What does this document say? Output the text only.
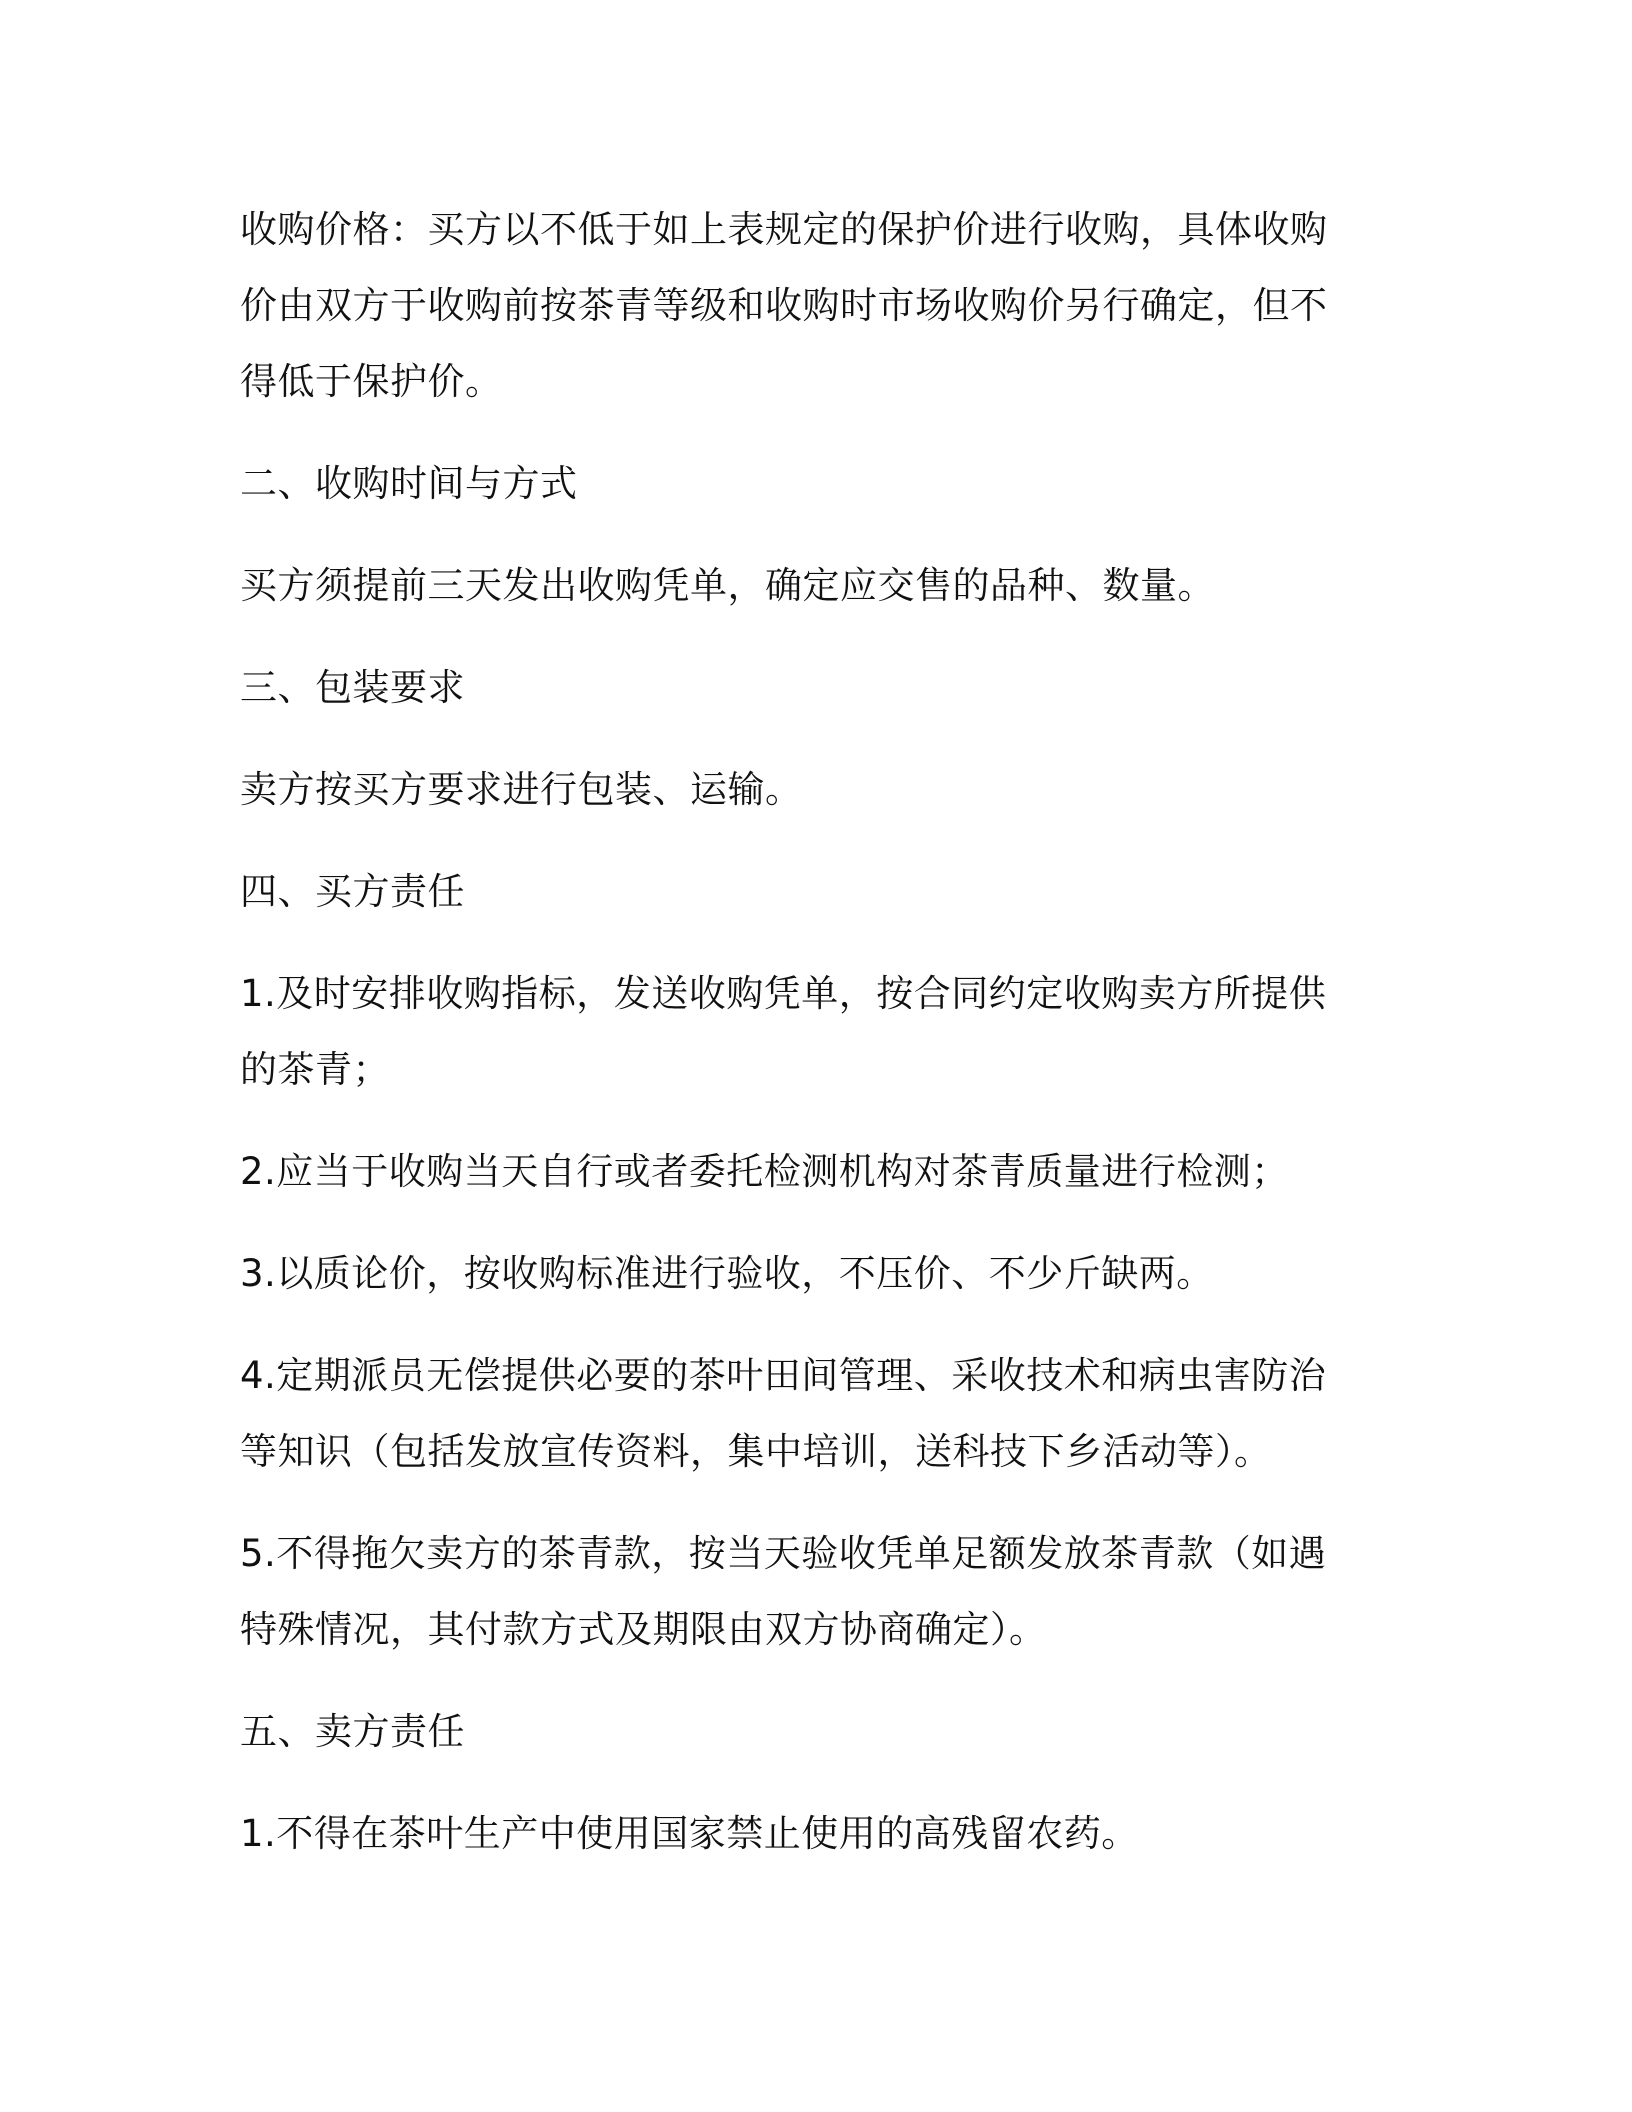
收购价格：买方以不低于如上表规定的保护价进行收购，具体收购价由双方于收购前按茶青等级和收购时市场收购价另行确定，但不得低于保护价。

二、收购时间与方式

买方须提前三天发出收购凭单，确定应交售的品种、数量。

三、包装要求

卖方按买方要求进行包装、运输。

四、买方责任

1.及时安排收购指标，发送收购凭单，按合同约定收购卖方所提供的茶青；

2.应当于收购当天自行或者委托检测机构对茶青质量进行检测；

3.以质论价，按收购标准进行验收，不压价、不少斤缺两。

4.定期派员无偿提供必要的茶叶田间管理、采收技术和病虫害防治等知识（包括发放宣传资料，集中培训，送科技下乡活动等）。

5.不得拖欠卖方的茶青款，按当天验收凭单足额发放茶青款（如遇特殊情况，其付款方式及期限由双方协商确定）。

五、卖方责任

1.不得在茶叶生产中使用国家禁止使用的高残留农药。
